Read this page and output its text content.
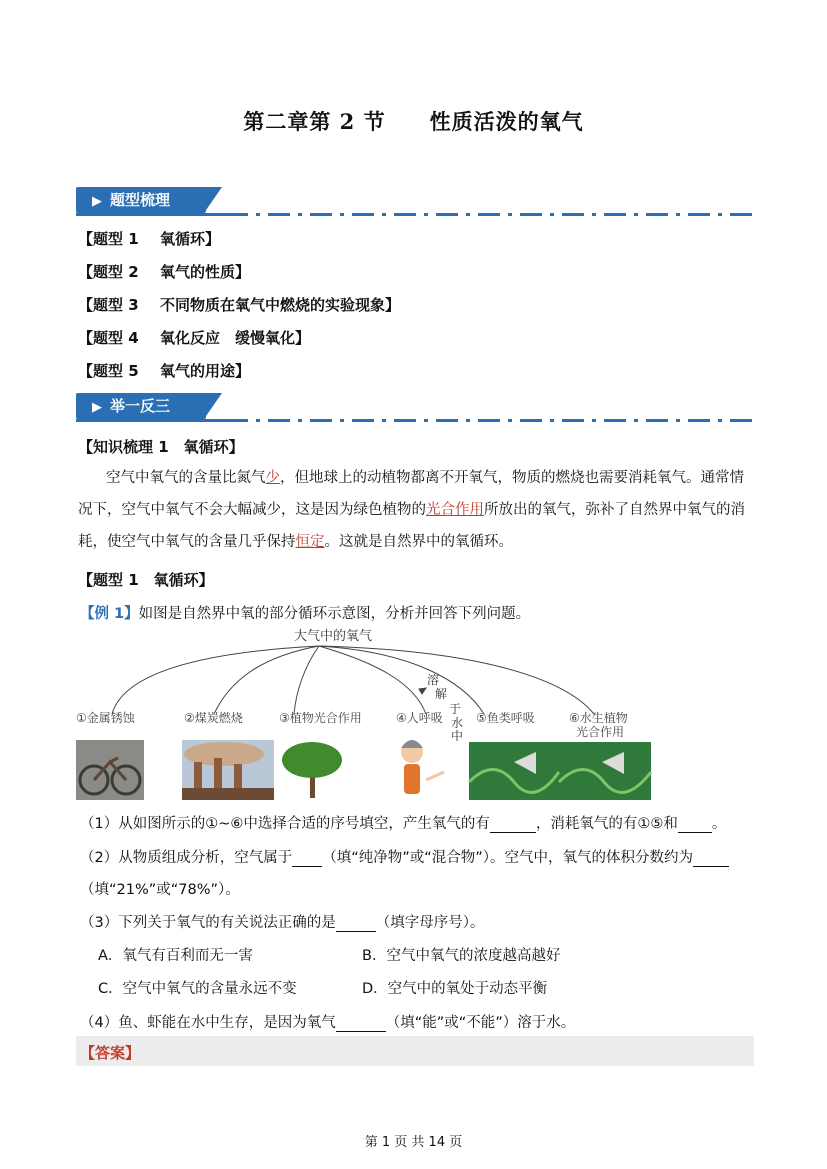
第二章第 2 节　　性质活泼的氧气
▶ 题型梳理
【题型 1 氧循环】
【题型 2 氧气的性质】
【题型 3 不同物质在氧气中燃烧的实验现象】
【题型 4 氧化反应　缓慢氧化】
【题型 5 氧气的用途】
▶ 举一反三
【知识梳理 1　氧循环】
空气中氧气的含量比氮气少，但地球上的动植物都离不开氧气，物质的燃烧也需要消耗氧气。通常情况下，空气中氧气不会大幅减少，这是因为绿色植物的光合作用所放出的氧气，弥补了自然界中氧气的消耗，使空气中氧气的含量几乎保持恒定。这就是自然界中的氧循环。
【题型 1　氧循环】
【例 1】如图是自然界中氧的部分循环示意图，分析并回答下列问题。
大气中的氧气
溶
解
于
水
中
①金属锈蚀	②煤炭燃烧	③植物光合作用	④人呼吸	⑤鱼类呼吸	⑥水生植物
光合作用
（1）从如图所示的①~⑥中选择合适的序号填空，产生氧气的有	，消耗氧气的有①⑤和 。
（2）从物质组成分析，空气属于 （填“纯净物”或“混合物”）。空气中，氧气的体积分数约为
（填“21%”或“78%”）。
（3）下列关于氧气的有关说法正确的是	（填字母序号）。
A．氧气有百利而无一害	B．空气中氧气的浓度越高越好
C．空气中氧气的含量永远不变	D．空气中的氧处于动态平衡
（4）鱼、虾能在水中生存，是因为氧气	（填“能”或“不能”）溶于水。
【答案】
第 1 页 共 14 页
